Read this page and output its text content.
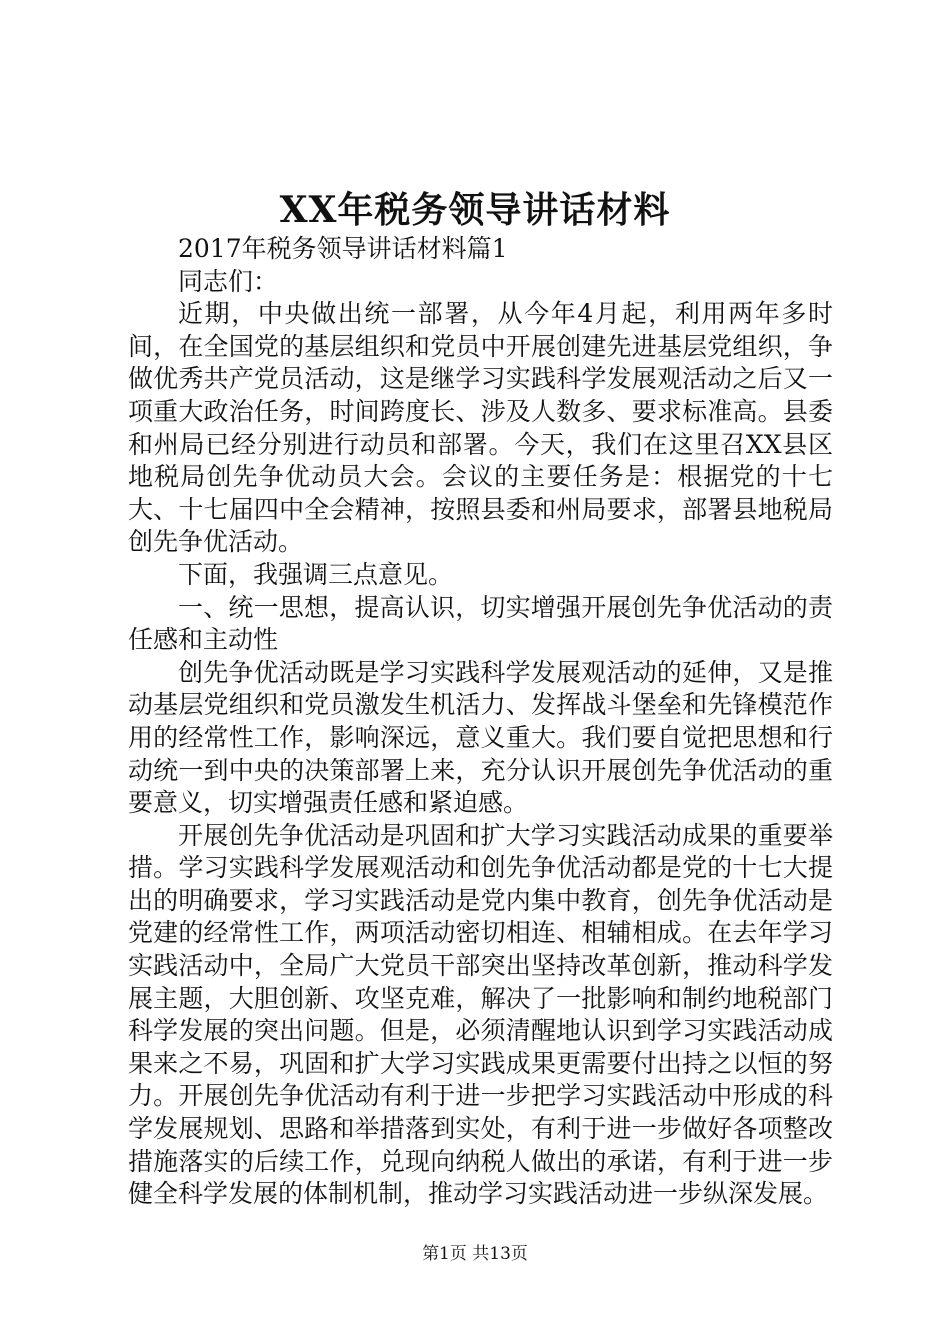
XX年税务领导讲话材料

2017年税务领导讲话材料篇1

同志们：

近期，中央做出统一部署，从今年4月起，利用两年多时间，在全国党的基层组织和党员中开展创建先进基层党组织，争做优秀共产党员活动，这是继学习实践科学发展观活动之后又一项重大政治任务，时间跨度长、涉及人数多、要求标准高。县委和州局已经分别进行动员和部署。今天，我们在这里召XX县区地税局创先争优动员大会。会议的主要任务是：根据党的十七大、十七届四中全会精神，按照县委和州局要求，部署县地税局创先争优活动。

下面，我强调三点意见。

一、统一思想，提高认识，切实增强开展创先争优活动的责任感和主动性

创先争优活动既是学习实践科学发展观活动的延伸，又是推动基层党组织和党员激发生机活力、发挥战斗堡垒和先锋模范作用的经常性工作，影响深远，意义重大。我们要自觉把思想和行动统一到中央的决策部署上来，充分认识开展创先争优活动的重要意义，切实增强责任感和紧迫感。

开展创先争优活动是巩固和扩大学习实践活动成果的重要举措。学习实践科学发展观活动和创先争优活动都是党的十七大提出的明确要求，学习实践活动是党内集中教育，创先争优活动是党建的经常性工作，两项活动密切相连、相辅相成。在去年学习实践活动中，全局广大党员干部突出坚持改革创新，推动科学发展主题，大胆创新、攻坚克难，解决了一批影响和制约地税部门科学发展的突出问题。但是，必须清醒地认识到学习实践活动成果来之不易，巩固和扩大学习实践成果更需要付出持之以恒的努力。开展创先争优活动有利于进一步把学习实践活动中形成的科学发展规划、思路和举措落到实处，有利于进一步做好各项整改措施落实的后续工作，兑现向纳税人做出的承诺，有利于进一步健全科学发展的体制机制，推动学习实践活动进一步纵深发展。

第1页 共13页
